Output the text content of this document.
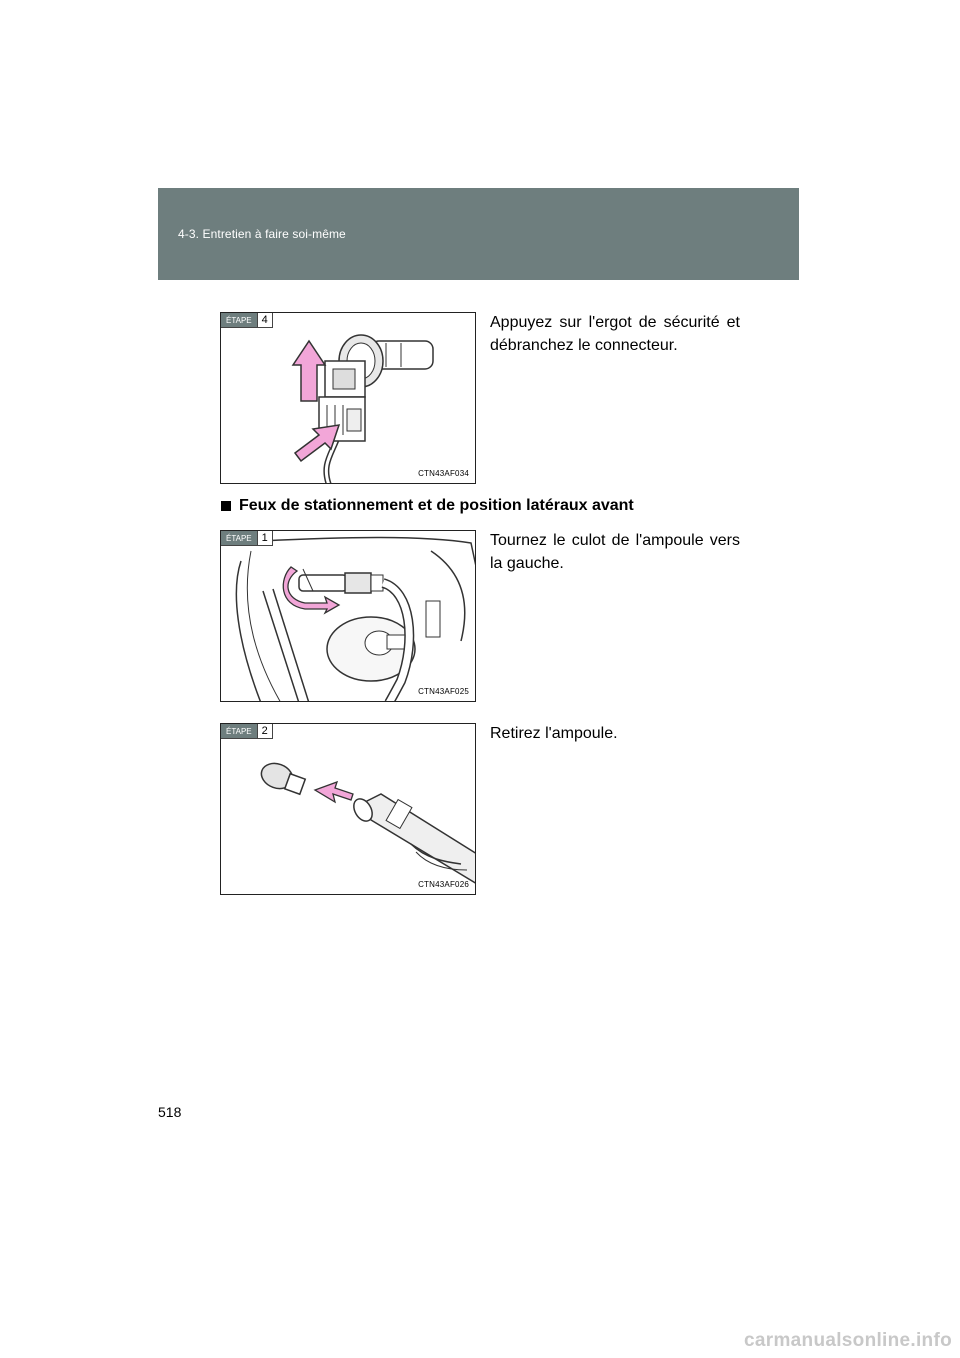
4-3. Entretien à faire soi-même
ÉTAPE 4
CTN43AF034
Appuyez sur l'ergot de sécurité et débranchez le connecteur.
Feux de stationnement et de position latéraux avant
ÉTAPE 1
CTN43AF025
Tournez le culot de l'ampoule vers la gauche.
ÉTAPE 2
CTN43AF026
Retirez l'ampoule.
518
carmanualsonline.info
